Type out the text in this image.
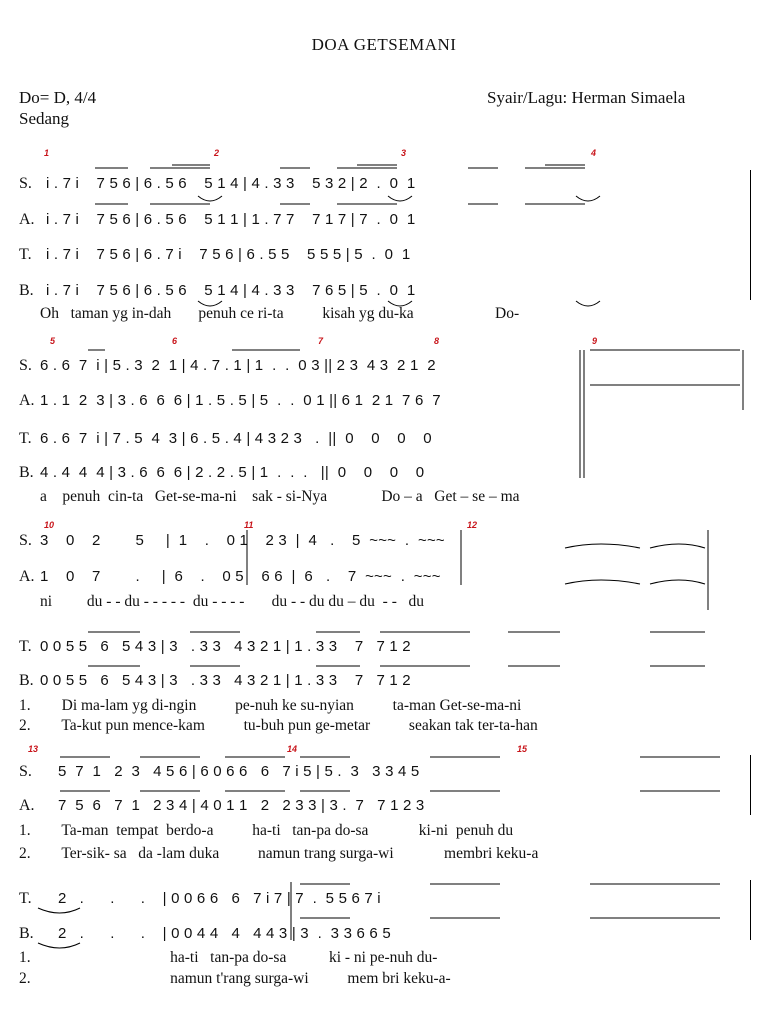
DOA GETSEMANI
Do= D, 4/4
Sedang
Syair/Lagu: Herman Simaela
1	2	3	4
S. i . 7 i    7 5 6 | 6 . 5 6    5 1 4 | 4 . 3 3    5 3 2 | 2  .  0  1
A. i . 7 i    7 5 6 | 6 . 5 6    5 1 1 | 1 . 7 7    7 1 7 | 7  .  0  1
T. i . 7 i    7 5 6 | 6 . 7 i    7 5 6 | 6 . 5 5    5 5 5 | 5  .  0  1
B. i . 7 i    7 5 6 | 6 . 5 6    5 1 4 | 4 . 3 3    7 6 5 | 5  .  0  1
Oh   taman yg in-dah       penuh ce ri-ta          kisah yg du-ka                     Do-
5	6	7	8	9
S. 6 . 6  7  i | 5 . 3  2  1 | 4 . 7 . 1 | 1  .  .  0 3 || 2 3  4 3  2 1  2
A. 1 . 1  2  3 | 3 . 6  6  6 | 1 . 5 . 5 | 5  .  .  0 1 || 6 1  2 1  7 6  7
T. 6 . 6  7  i | 7 . 5  4  3 | 6 . 5 . 4 | 4 3 2 3   .  ||  0    0    0    0
B. 4 . 4  4  4 | 3 . 6  6  6 | 2 . 2 . 5 | 1  .  .  .   ||  0    0    0    0
a    penuh  cin-ta   Get-se-ma-ni    sak - si-Nya              Do – a   Get – se – ma
10	11	12
S. 3    0    2        5     |  1    .    0 1    2 3  |  4   .    5  ~~~  .  ~~~
A. 1    0    7        .     |  6    .    0 5    6 6  |  6   .    7  ~~~  .  ~~~
ni         du - - du - - - - -  du - - - -       du - - du du – du  - -   du
T. 0 0 5 5   6   5 4 3 | 3   . 3 3   4 3 2 1 | 1 . 3 3    7   7 1 2
B. 0 0 5 5   6   5 4 3 | 3   . 3 3   4 3 2 1 | 1 . 3 3    7   7 1 2
1.        Di ma-lam yg di-ngin          pe-nuh ke su-nyian          ta-man Get-se-ma-ni
2.        Ta-kut pun mence-kam          tu-buh pun ge-metar          seakan tak ter-ta-han
13	14	15
S. 5  7  1   2  3   4 5 6 | 6 0 6 6   6   7 i 5 | 5 .  3   3 3 4 5
A. 7  5  6   7  1   2 3 4 | 4 0 1 1   2   2 3 3 | 3 .  7   7 1 2 3
1.        Ta-man  tempat  berdo-a          ha-ti   tan-pa do-sa             ki-ni  penuh du
2.        Ter-sik- sa   da -lam duka          namun trang surga-wi             membri keku-a
T. 2   .      .      .    | 0 0 6 6   6   7 i 7 | 7  .  5 5 6 7 i
B. 2   .      .      .    | 0 0 4 4   4   4 4 3 | 3  .  3 3 6 6 5
1.                                    ha-ti   tan-pa do-sa           ki - ni pe-nuh du-
2.                                    namun t'rang surga-wi          mem bri keku-a-
